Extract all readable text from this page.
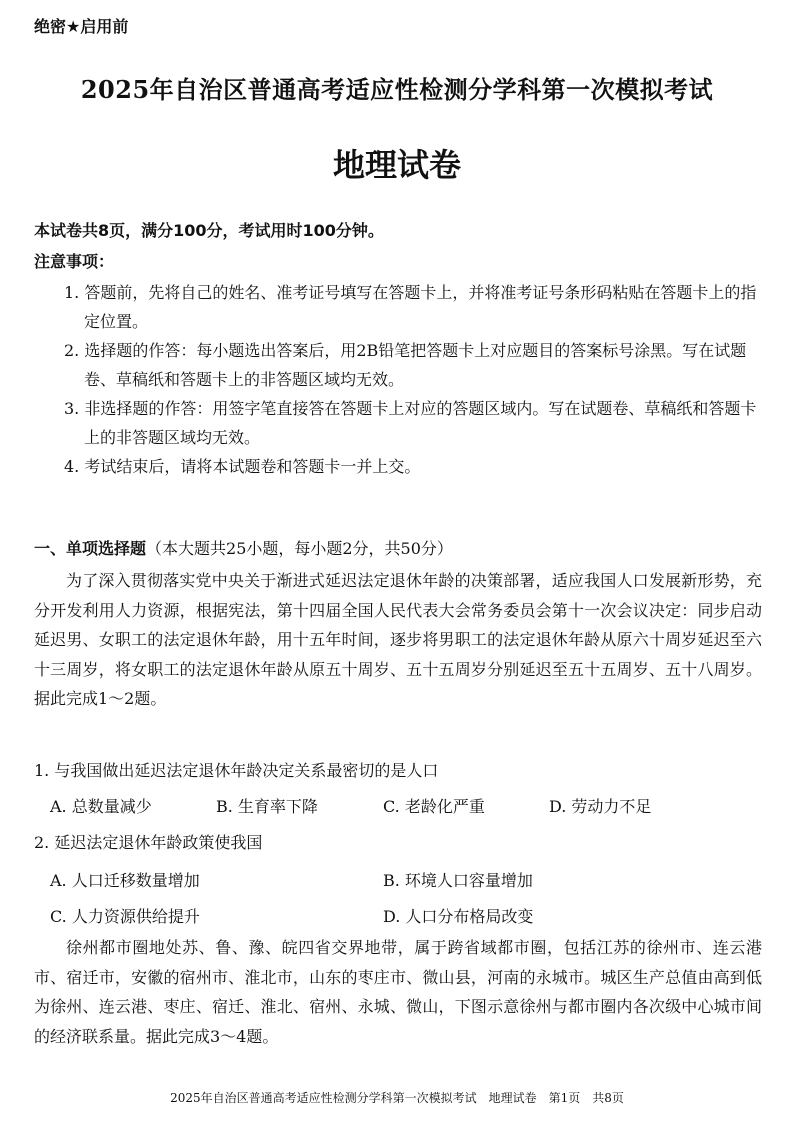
绝密★启用前
2025年自治区普通高考适应性检测分学科第一次模拟考试
地理试卷
本试卷共8页，满分100分，考试用时100分钟。
注意事项：

1. 答题前，先将自己的姓名、准考证号填写在答题卡上，并将准考证号条形码粘贴在答题卡上的指定位置。

2. 选择题的作答：每小题选出答案后，用2B铅笔把答题卡上对应题目的答案标号涂黑。写在试题卷、草稿纸和答题卡上的非答题区域均无效。

3. 非选择题的作答：用签字笔直接答在答题卡上对应的答题区域内。写在试题卷、草稿纸和答题卡上的非答题区域均无效。

4. 考试结束后，请将本试题卷和答题卡一并上交。

一、单项选择题（本大题共25小题，每小题2分，共50分）

为了深入贯彻落实党中央关于渐进式延迟法定退休年龄的决策部署，适应我国人口发展新形势，充分开发利用人力资源，根据宪法，第十四届全国人民代表大会常务委员会第十一次会议决定：同步启动延迟男、女职工的法定退休年龄，用十五年时间，逐步将男职工的法定退休年龄从原六十周岁延迟至六十三周岁，将女职工的法定退休年龄从原五十周岁、五十五周岁分别延迟至五十五周岁、五十八周岁。据此完成1～2题。

1. 与我国做出延迟法定退休年龄决定关系最密切的是人口
A. 总数量减少	B. 生育率下降	C. 老龄化严重	D. 劳动力不足
2. 延迟法定退休年龄政策使我国
A. 人口迁移数量增加	B. 环境人口容量增加
C. 人力资源供给提升	D. 人口分布格局改变

徐州都市圈地处苏、鲁、豫、皖四省交界地带，属于跨省域都市圈，包括江苏的徐州市、连云港市、宿迁市，安徽的宿州市、淮北市，山东的枣庄市、微山县，河南的永城市。城区生产总值由高到低为徐州、连云港、枣庄、宿迁、淮北、宿州、永城、微山，下图示意徐州与都市圈内各次级中心城市间的经济联系量。据此完成3～4题。

2025年自治区普通高考适应性检测分学科第一次模拟考试　地理试卷　第1页　共8页
